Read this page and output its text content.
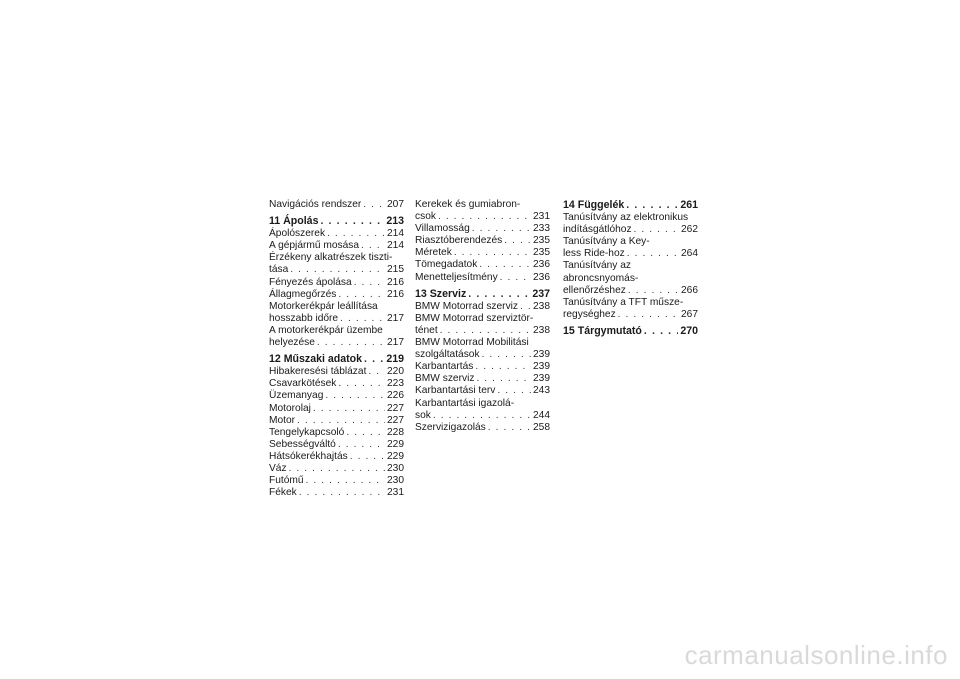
Navigációs rendszer . . .	207
11 Ápolás . . .	213
Ápolószerek . . .	214
A gépjármű mosása . . .	214
Érzékeny alkatrészek tiszti-
tása . . .	215
Fényezés ápolása . . .	216
Állagmegőrzés . . .	216
Motorkerékpár leállítása
hosszabb időre . . .	217
A motorkerékpár üzembe
helyezése . . .	217
12 Műszaki adatok . . . 219
Hibakeresési táblázat . . . 220
Csavarkötések . . .	223
Üzemanyag . . .	226
Motorolaj . . .	227
Motor . . .	227
Tengelykapcsoló . . .	228
Sebességváltó . . .	229
Hátsókerékhajtás . . .	229
Váz . . .	230
Futómű . . .	230
Fékek . . .	231
Kerekek és gumiabron-
csok . . .	231
Villamosság . . .	233
Riasztóberendezés . . .	235
Méretek . . .	235
Tömegadatok . . .	236
Menetteljesítmény . . .	236
13 Szerviz . . .	237
BMW Motorrad szerviz . . . 238
BMW Motorrad szerviztör-
ténet . . .	238
BMW Motorrad Mobilitási
szolgáltatások . . .	239
Karbantartás . . .	239
BMW szerviz . . .	239
Karbantartási terv . . .	243
Karbantartási igazolá-
sok . . .	244
Szervizigazolás . . .	258
14 Függelék . . .	261
Tanúsítvány az elektronikus
indításgátlóhoz . . .	262
Tanúsítvány a Key-
less Ride-hoz . . .	264
Tanúsítvány az
abroncsnyomás-
ellenőrzéshez . . .	266
Tanúsítvány a TFT műsze-
regységhez . . .	267
15 Tárgymutató . . .	270
carmanualsonline.info
